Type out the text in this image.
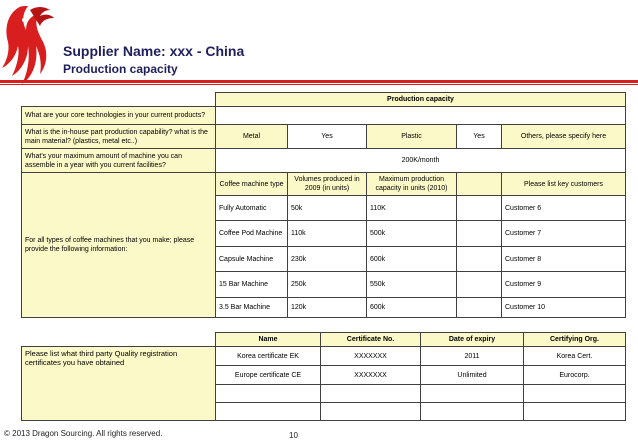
Supplier Name: xxx - China
Production capacity
	Production capacity				
What are your core technologies in your current products?					
What is the in-house part production capability? what is the main material? (plastics, metal etc..)	Metal	Yes	Plastic	Yes	Others, please specify here
What's your maximum amount of machine you can assemble in a year with you current facilities?	200K/month				
For all types of coffee machines that you make; please provide the following information:	Coffee machine type	Volumes produced in 2009 (in units)	Maximum production capacity in units (2010)		Please list key customers
	Fully Automatic	50k	110K		Customer 6
	Coffee Pod Machine	110k	500k		Customer 7
	Capsule Machine	230k	600k		Customer 8
	15 Bar Machine	250k	550k		Customer 9
	3.5 Bar Machine	120k	600k		Customer 10
	Name	Certificate No.	Date of expiry	Certifying Org.
Please list what third party Quality registration certificates you have obtained	Korea certificate EK	XXXXXXX	2011	Korea Cert.
	Europe certificate CE	XXXXXXX	Unlimited	Eurocorp.

© 2013 Dragon Sourcing. All rights reserved.	10
